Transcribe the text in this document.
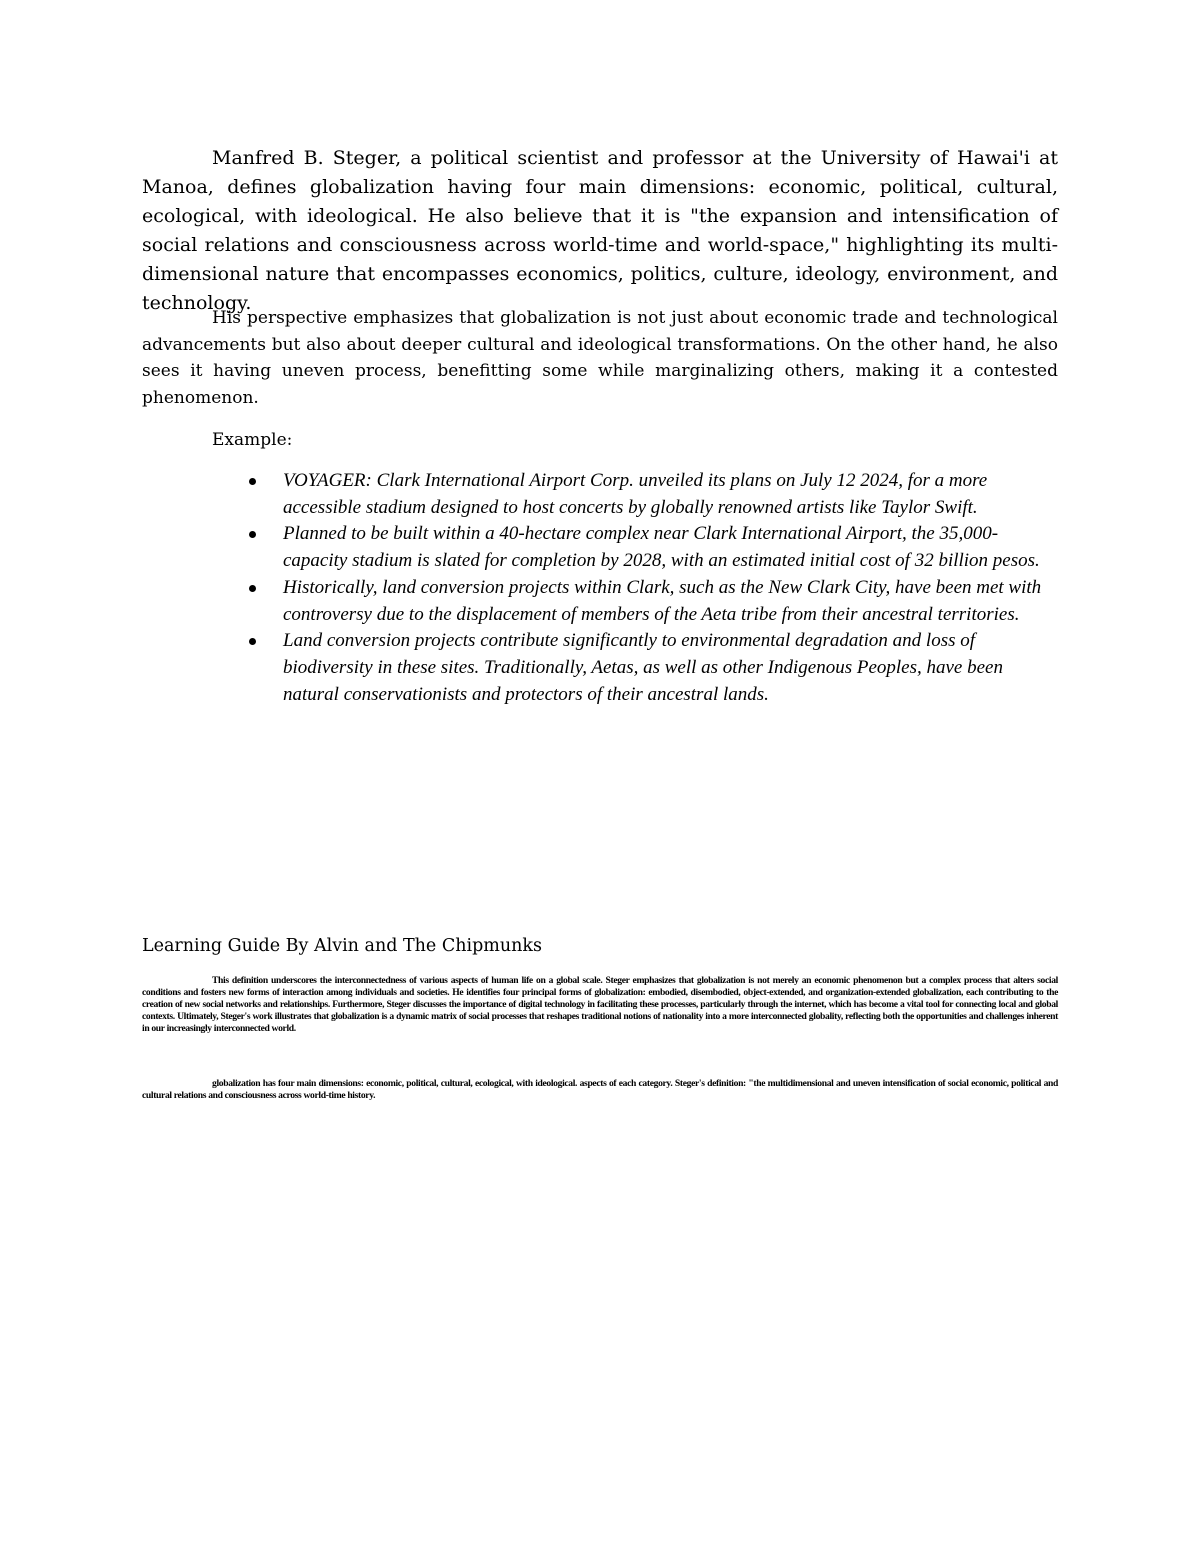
Manfred B. Steger, a political scientist and professor at the University of Hawai'i at Manoa, defines globalization having four main dimensions: economic, political, cultural, ecological, with ideological. He also believe that it is "the expansion and intensification of social relations and consciousness across world-time and world-space," highlighting its multi-dimensional nature that encompasses economics, politics, culture, ideology, environment, and technology.

His perspective emphasizes that globalization is not just about economic trade and technological advancements but also about deeper cultural and ideological transformations. On the other hand, he also sees it having uneven process, benefitting some while marginalizing others, making it a contested phenomenon.

Example:

VOYAGER: Clark International Airport Corp. unveiled its plans on July 12 2024, for a more accessible stadium designed to host concerts by globally renowned artists like Taylor Swift.
Planned to be built within a 40-hectare complex near Clark International Airport, the 35,000-capacity stadium is slated for completion by 2028, with an estimated initial cost of 32 billion pesos.
Historically, land conversion projects within Clark, such as the New Clark City, have been met with controversy due to the displacement of members of the Aeta tribe from their ancestral territories.
Land conversion projects contribute significantly to environmental degradation and loss of biodiversity in these sites. Traditionally, Aetas, as well as other Indigenous Peoples, have been natural conservationists and protectors of their ancestral lands.

Learning Guide By Alvin and The Chipmunks

This definition underscores the interconnectedness of various aspects of human life on a global scale. Steger emphasizes that globalization is not merely an economic phenomenon but a complex process that alters social conditions and fosters new forms of interaction among individuals and societies. He identifies four principal forms of globalization: embodied, disembodied, object-extended, and organization-extended globalization, each contributing to the creation of new social networks and relationships. Furthermore, Steger discusses the importance of digital technology in facilitating these processes, particularly through the internet, which has become a vital tool for connecting local and global contexts. Ultimately, Steger's work illustrates that globalization is a dynamic matrix of social processes that reshapes traditional notions of nationality into a more interconnected globality, reflecting both the opportunities and challenges inherent in our increasingly interconnected world.

globalization has four main dimensions: economic, political, cultural, ecological, with ideological. aspects of each category. Steger's definition: "the multidimensional and uneven intensification of social economic, political and cultural relations and consciousness across world-time history.
